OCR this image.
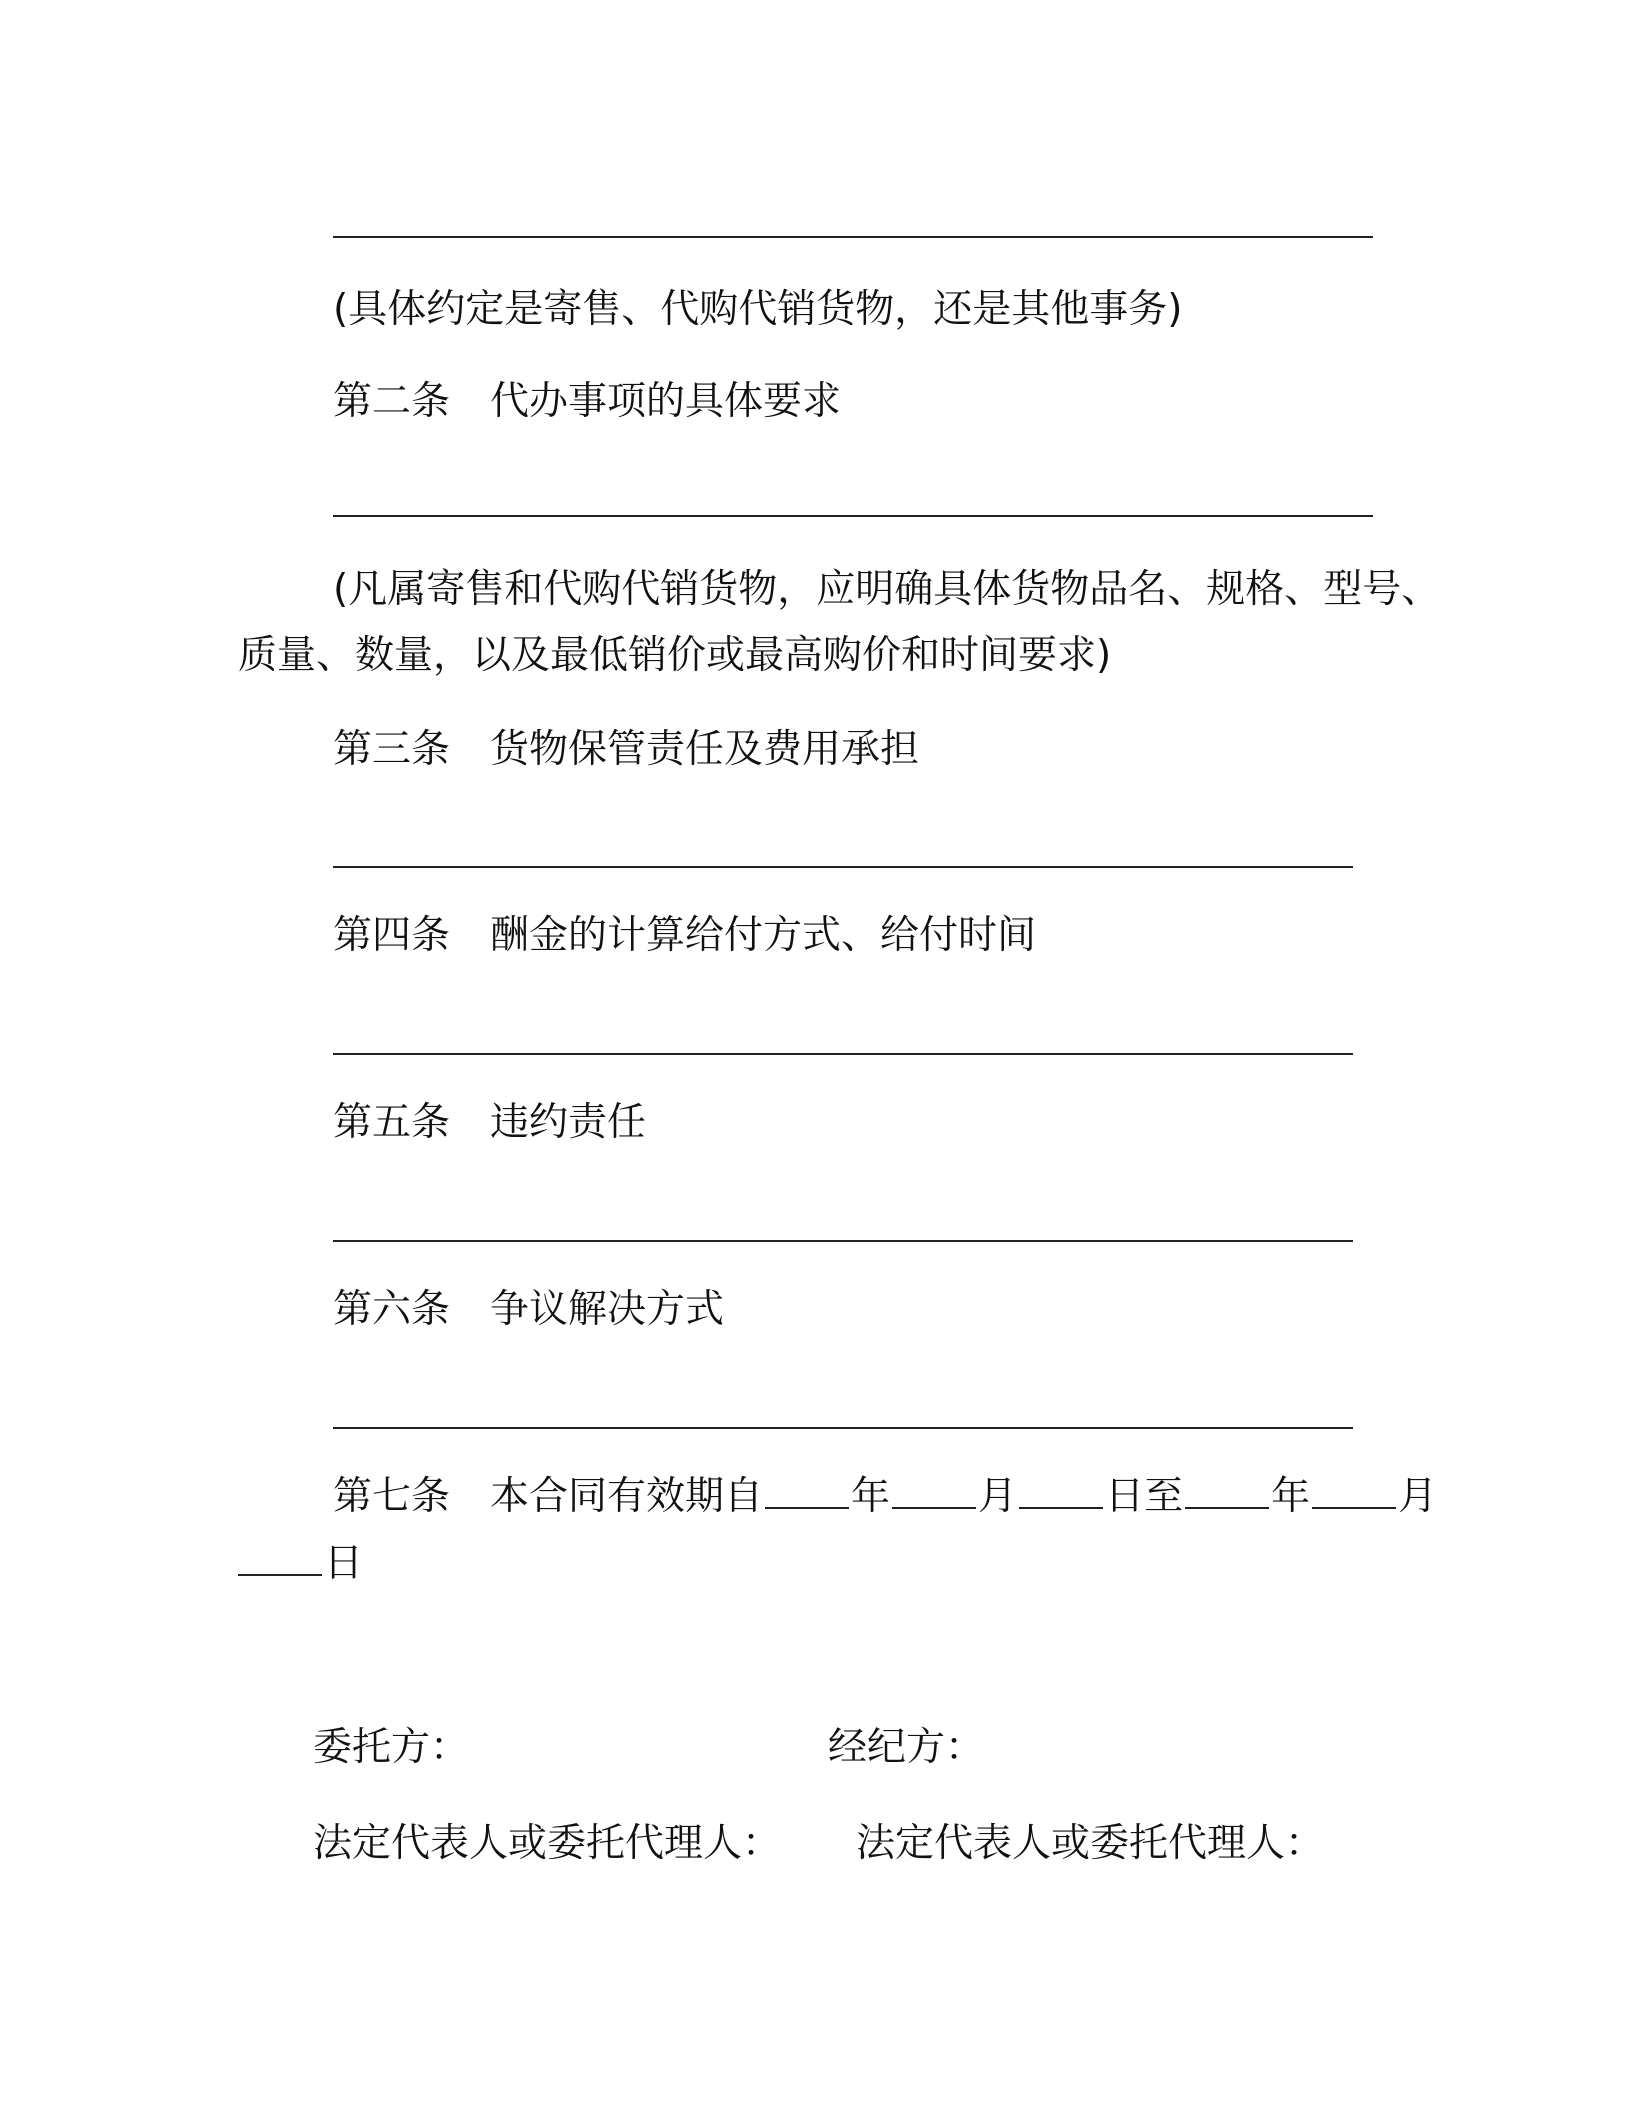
(具体约定是寄售、代购代销货物，还是其他事务)
第二条 代办事项的具体要求
(凡属寄售和代购代销货物，应明确具体货物品名、规格、型号、
质量、数量，以及最低销价或最高购价和时间要求)
第三条 货物保管责任及费用承担
第四条 酬金的计算给付方式、给付时间
第五条 违约责任
第六条 争议解决方式
第七条 本合同有效期自 年 月 日至 年 月
日
委托方：	经纪方：
法定代表人或委托代理人： 法定代表人或委托代理人：
